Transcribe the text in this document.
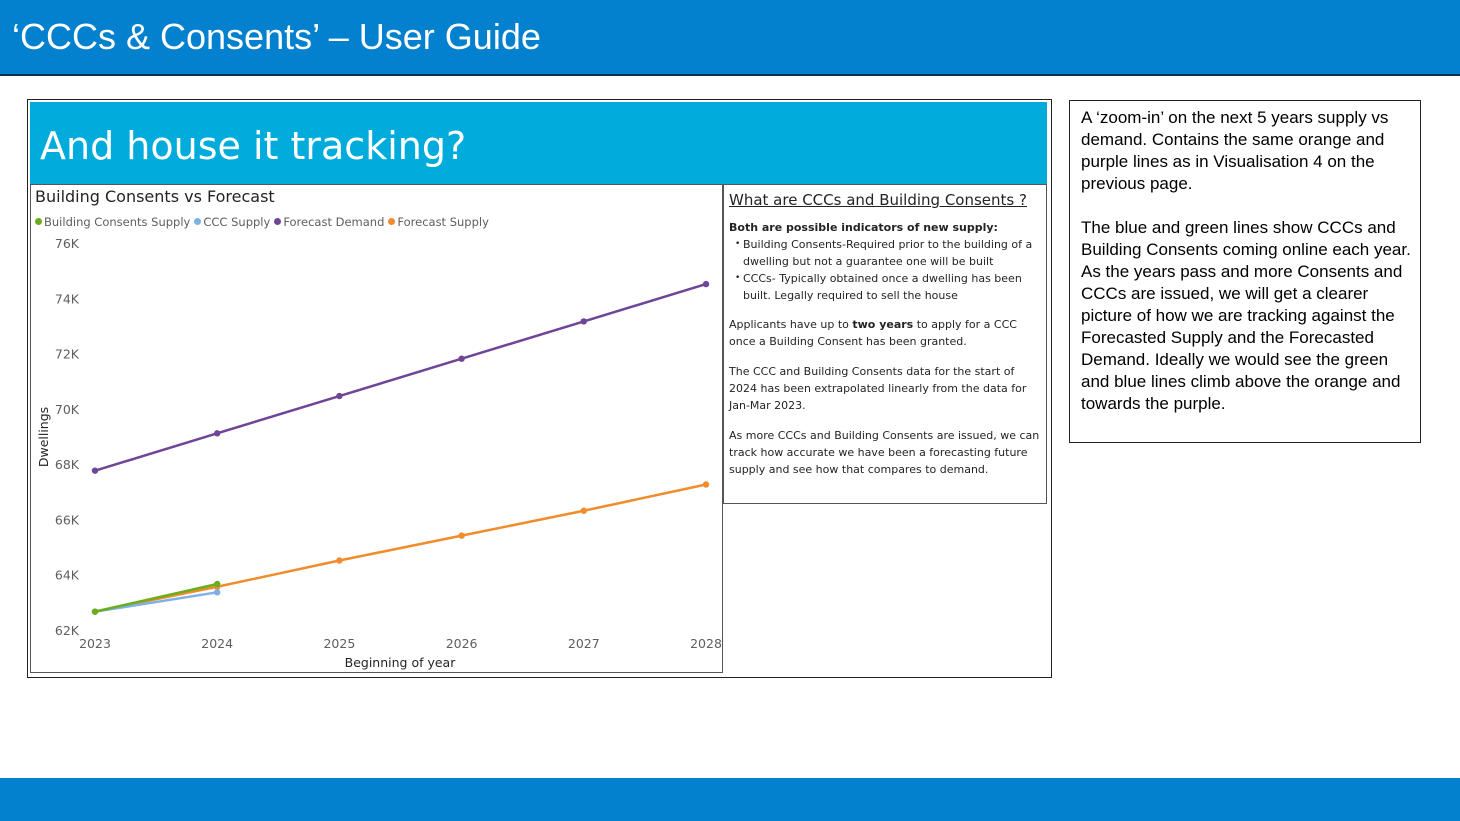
‘CCCs & Consents’ – User Guide
And house it tracking?
62K
64K
66K
68K
70K
72K
74K
76K
2023	2024	2025	2026	2027	2028
Beginning of year
Dwellings
Building Consents vs Forecast
Building Consents Supply CCC Supply Forecast Demand Forecast Supply

What are CCCs and Building Consents ?

Both are possible indicators of new supply:

• Building Consents-Required prior to the building of a dwelling but not a guarantee one will be built
• CCCs- Typically obtained once a dwelling has been built. Legally required to sell the house

Applicants have up to two years to apply for a CCC once a Building Consent has been granted.

The CCC and Building Consents data for the start of 2024 has been extrapolated linearly from the data for Jan-Mar 2023.

As more CCCs and Building Consents are issued, we can track how accurate we have been a forecasting future supply and see how that compares to demand.

A ‘zoom-in’ on the next 5 years supply vs demand. Contains the same orange and purple lines as in Visualisation 4 on the previous page.

The blue and green lines show CCCs and Building Consents coming online each year. As the years pass and more Consents and CCCs are issued, we will get a clearer picture of how we are tracking against the Forecasted Supply and the Forecasted Demand. Ideally we would see the green and blue lines climb above the orange and towards the purple.
